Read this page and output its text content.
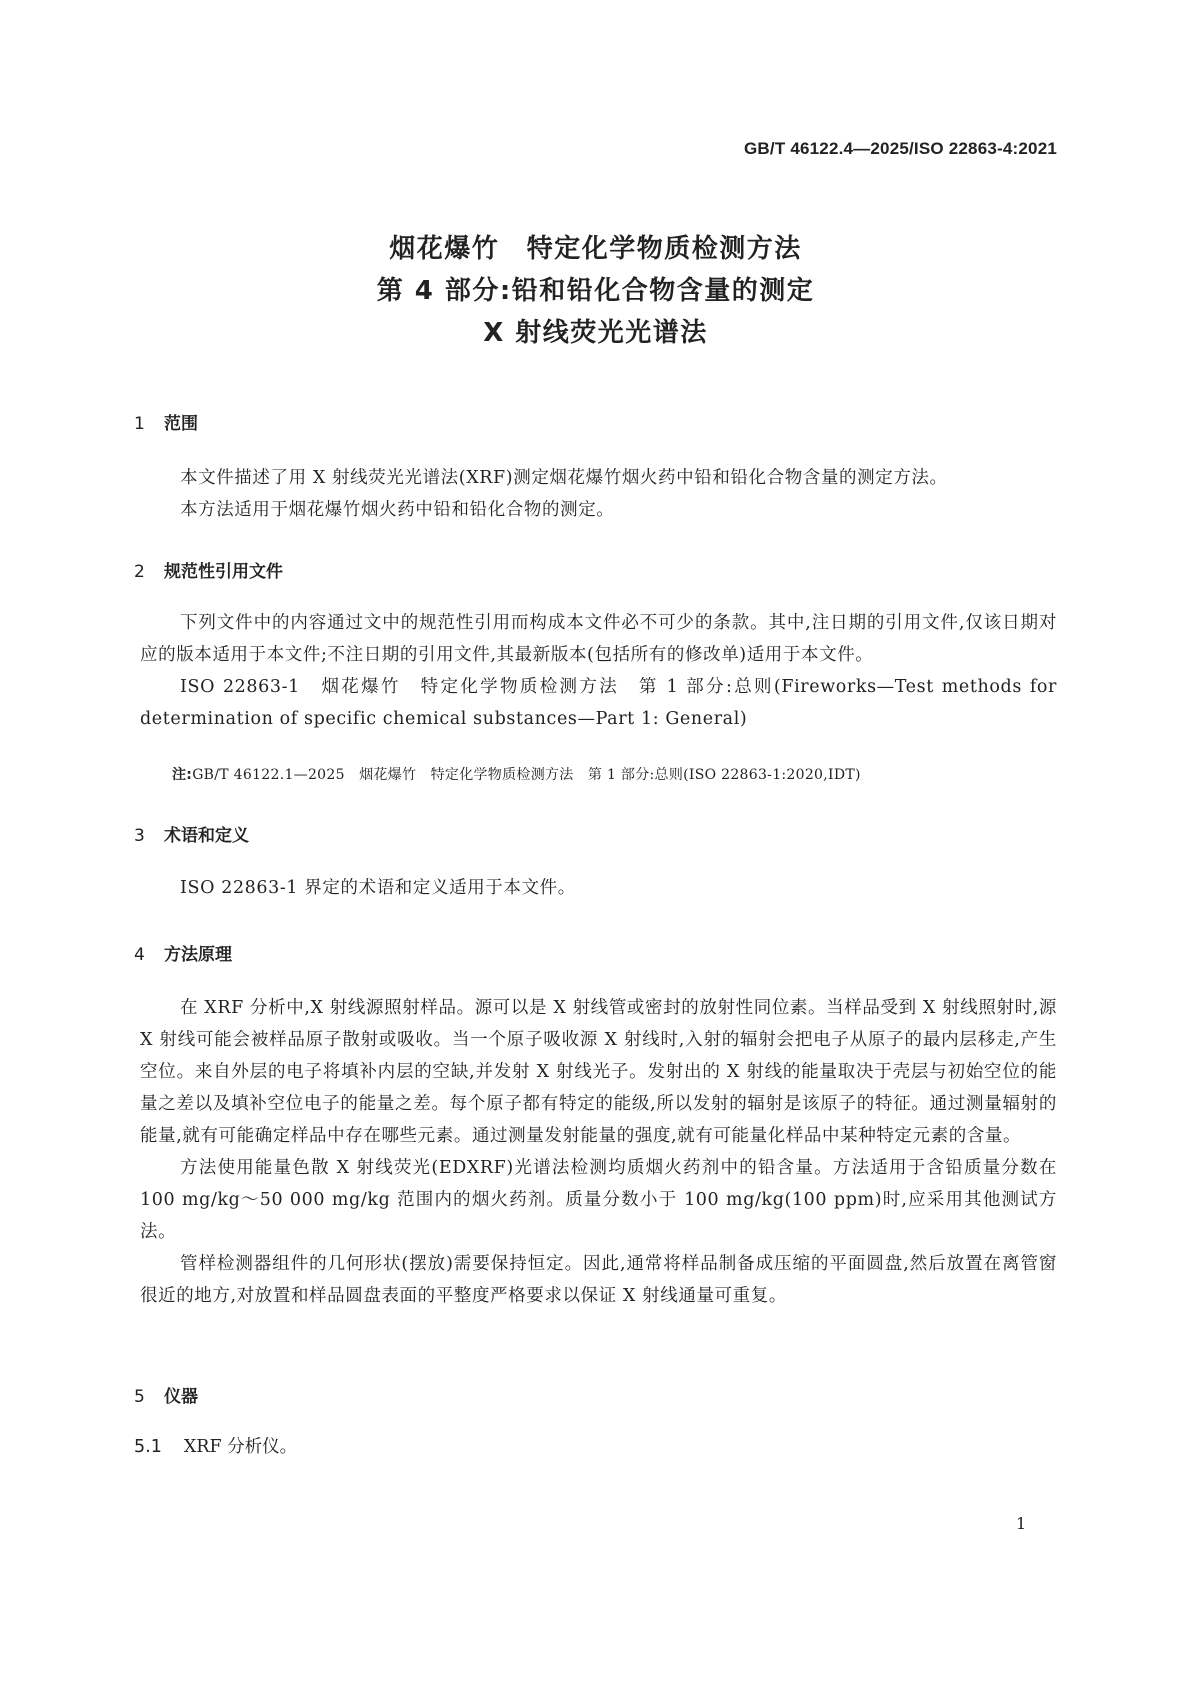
GB/T 46122.4—2025/ISO 22863-4:2021
烟花爆竹　特定化学物质检测方法
第 4 部分:铅和铅化合物含量的测定
X 射线荧光光谱法
1 范围

本文件描述了用 X 射线荧光光谱法(XRF)测定烟花爆竹烟火药中铅和铅化合物含量的测定方法。

本方法适用于烟花爆竹烟火药中铅和铅化合物的测定。

2 规范性引用文件

下列文件中的内容通过文中的规范性引用而构成本文件必不可少的条款。其中,注日期的引用文件,仅该日期对应的版本适用于本文件;不注日期的引用文件,其最新版本(包括所有的修改单)适用于本文件。

ISO 22863-1　烟花爆竹　特定化学物质检测方法　第 1 部分:总则(Fireworks—Test methods for determination of specific chemical substances—Part 1: General)

注:GB/T 46122.1—2025　烟花爆竹　特定化学物质检测方法　第 1 部分:总则(ISO 22863-1:2020,IDT)
3 术语和定义

ISO 22863-1 界定的术语和定义适用于本文件。

4 方法原理

在 XRF 分析中,X 射线源照射样品。源可以是 X 射线管或密封的放射性同位素。当样品受到 X 射线照射时,源 X 射线可能会被样品原子散射或吸收。当一个原子吸收源 X 射线时,入射的辐射会把电子从原子的最内层移走,产生空位。来自外层的电子将填补内层的空缺,并发射 X 射线光子。发射出的 X 射线的能量取决于壳层与初始空位的能量之差以及填补空位电子的能量之差。每个原子都有特定的能级,所以发射的辐射是该原子的特征。通过测量辐射的能量,就有可能确定样品中存在哪些元素。通过测量发射能量的强度,就有可能量化样品中某种特定元素的含量。

方法使用能量色散 X 射线荧光(EDXRF)光谱法检测均质烟火药剂中的铅含量。方法适用于含铅质量分数在 100 mg/kg～50 000 mg/kg 范围内的烟火药剂。质量分数小于 100 mg/kg(100 ppm)时,应采用其他测试方法。

管样检测器组件的几何形状(摆放)需要保持恒定。因此,通常将样品制备成压缩的平面圆盘,然后放置在离管窗很近的地方,对放置和样品圆盘表面的平整度严格要求以保证 X 射线通量可重复。

5 仪器
5.1 XRF 分析仪。
1
